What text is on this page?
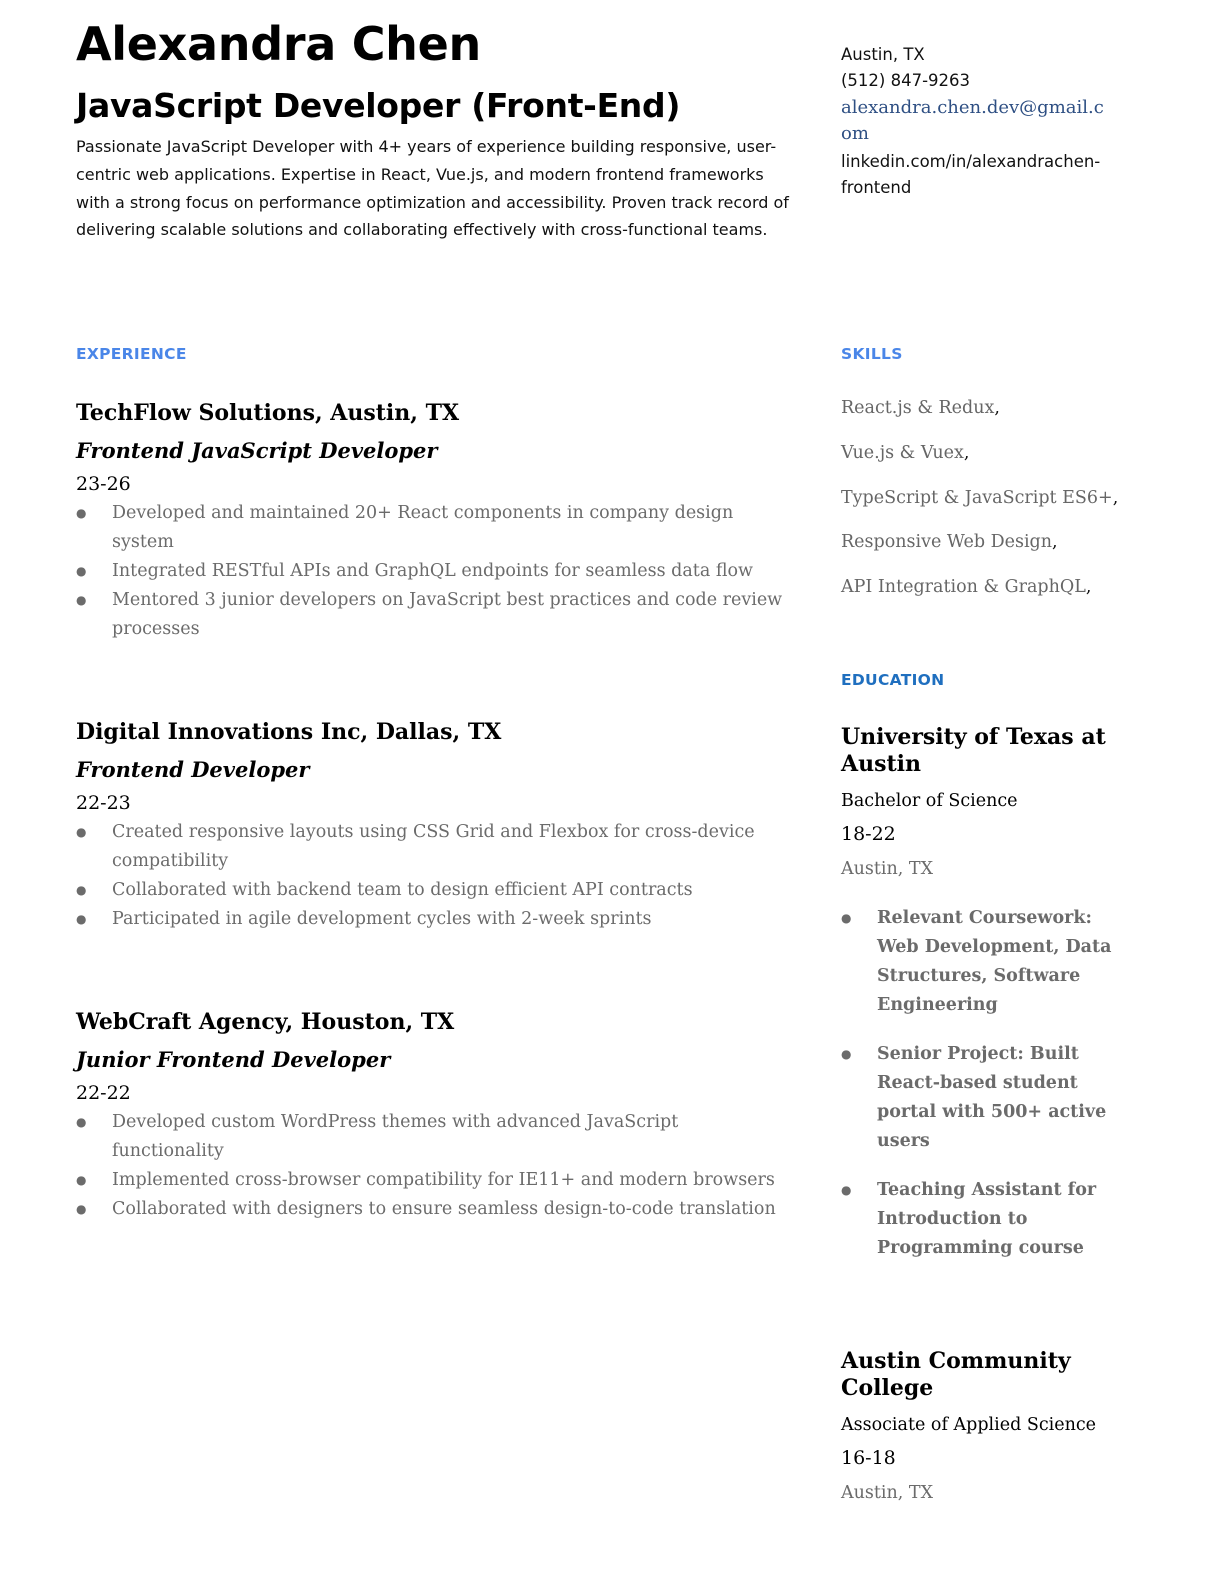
Alexandra Chen
JavaScript Developer (Front-End)

Passionate JavaScript Developer with 4+ years of experience building responsive, user-centric web applications. Expertise in React, Vue.js, and modern frontend frameworks with a strong focus on performance optimization and accessibility. Proven track record of delivering scalable solutions and collaborating effectively with cross-functional teams.

Austin, TX
(512) 847-9263
alexandra.chen.dev@gmail.com
linkedin.com/in/alexandrachen-frontend
EXPERIENCE	SKILLS
EDUCATION
TechFlow Solutions, Austin, TX

Frontend JavaScript Developer

23-26

● Developed and maintained 20+ React components in company design system
● Integrated RESTful APIs and GraphQL endpoints for seamless data flow
● Mentored 3 junior developers on JavaScript best practices and code review processes
Digital Innovations Inc, Dallas, TX

Frontend Developer

22-23

● Created responsive layouts using CSS Grid and Flexbox for cross-device compatibility
● Collaborated with backend team to design efficient API contracts
● Participated in agile development cycles with 2-week sprints
WebCraft Agency, Houston, TX

Junior Frontend Developer

22-22

● Developed custom WordPress themes with advanced JavaScript functionality
● Implemented cross-browser compatibility for IE11+ and modern browsers
● Collaborated with designers to ensure seamless design-to-code translation
React.js & Redux,
Vue.js & Vuex,
TypeScript & JavaScript ES6+,
Responsive Web Design,
API Integration & GraphQL,
University of Texas at Austin

Bachelor of Science

18-22

Austin, TX

● Relevant Coursework: Web Development, Data Structures, Software Engineering
● Senior Project: Built React-based student portal with 500+ active users
● Teaching Assistant for Introduction to Programming course
Austin Community College

Associate of Applied Science

16-18

Austin, TX
